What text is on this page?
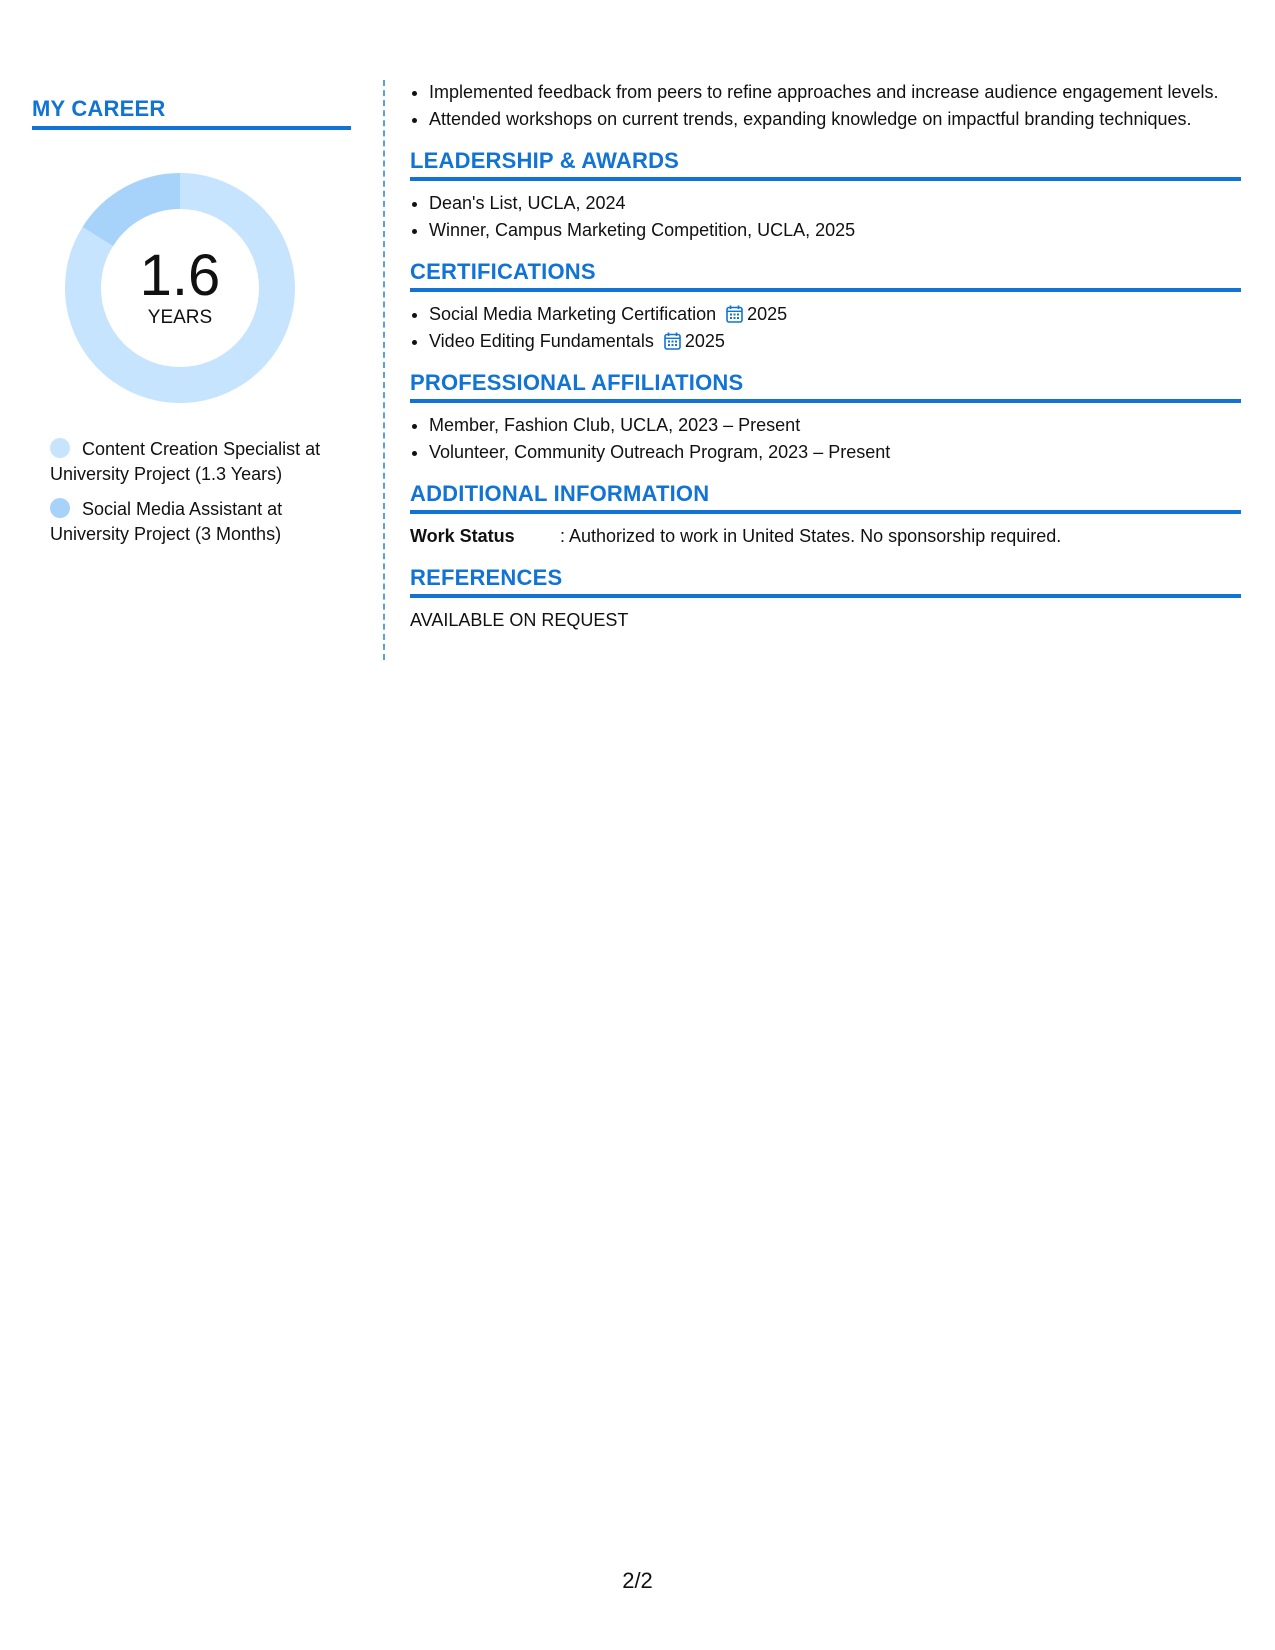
MY CAREER
1.6
YEARS
Content Creation Specialist at University Project (1.3 Years)
Social Media Assistant at University Project (3 Months)
• Implemented feedback from peers to refine approaches and increase audience engagement levels.
• Attended workshops on current trends, expanding knowledge on impactful branding techniques.
LEADERSHIP & AWARDS
• Dean's List, UCLA, 2024
• Winner, Campus Marketing Competition, UCLA, 2025
CERTIFICATIONS
• Social Media Marketing Certification 2025
• Video Editing Fundamentals 2025
PROFESSIONAL AFFILIATIONS
• Member, Fashion Club, UCLA, 2023 – Present
• Volunteer, Community Outreach Program, 2023 – Present
ADDITIONAL INFORMATION
Work Status	: Authorized to work in United States. No sponsorship required.
REFERENCES
AVAILABLE ON REQUEST
2/2
